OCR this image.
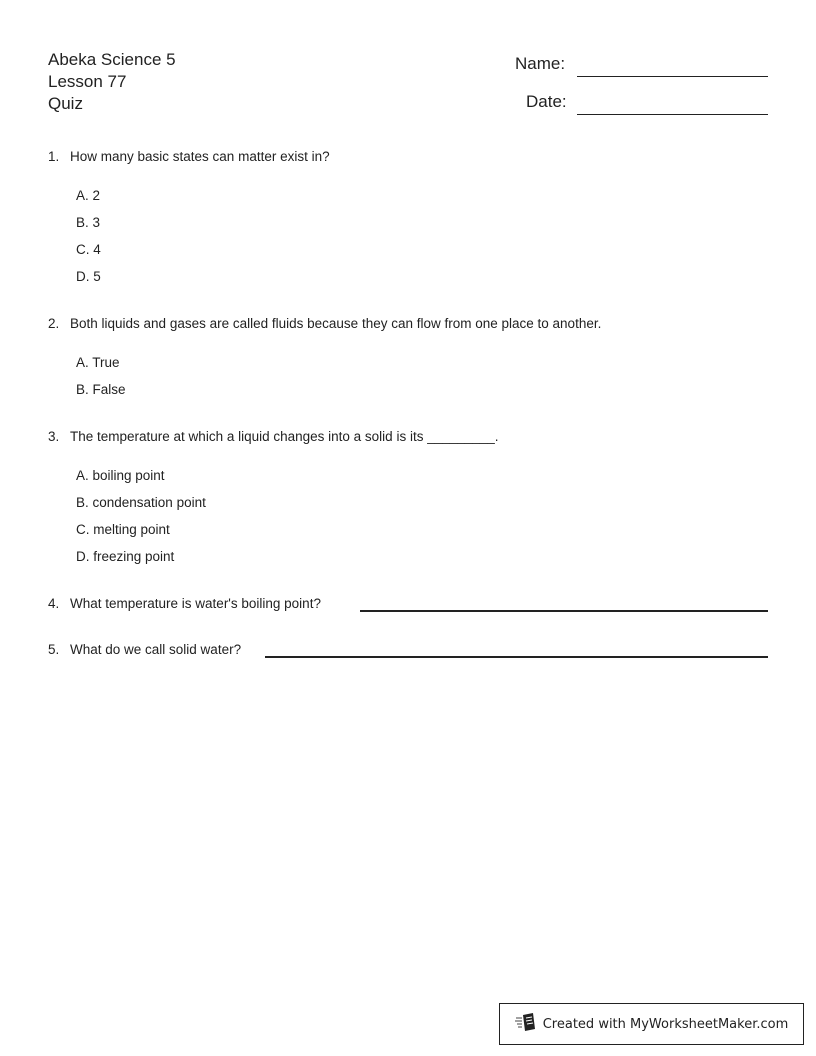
Abeka Science 5
Lesson 77
Quiz
Name:
Date:
1. How many basic states can matter exist in?
A. 2
B. 3
C. 4
D. 5
2. Both liquids and gases are called fluids because they can flow from one place to another.
A. True
B. False
3. The temperature at which a liquid changes into a solid is its _________.
A. boiling point
B. condensation point
C. melting point
D. freezing point
4. What temperature is water's boiling point?
5. What do we call solid water?
Created with MyWorksheetMaker.com
